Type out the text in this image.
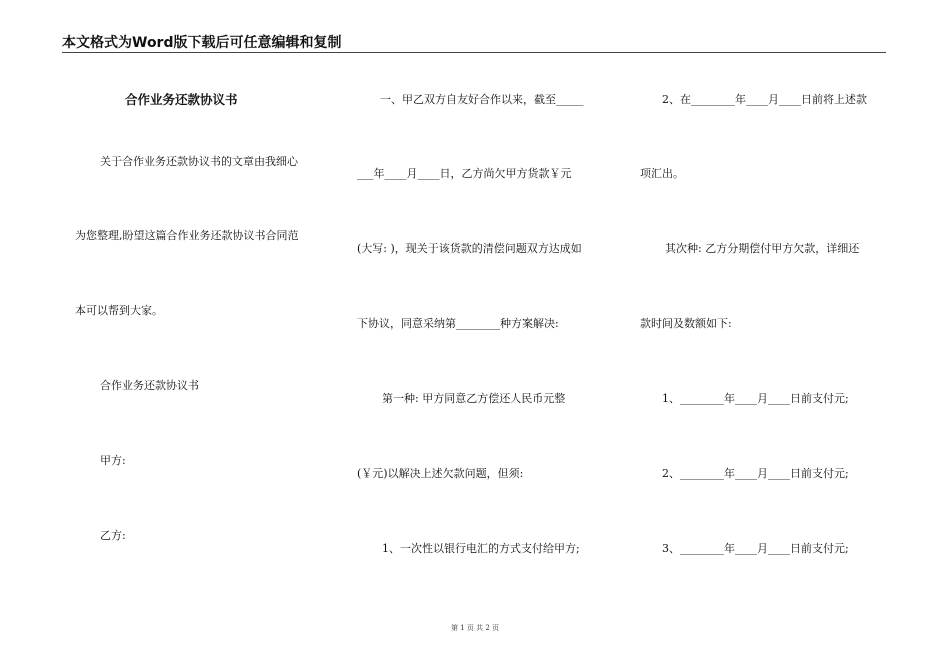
本文格式为Word版下载后可任意编辑和复制
合作业务还款协议书
关于合作业务还款协议书的文章由我细心
为您整理,盼望这篇合作业务还款协议书合同范
本可以帮到大家。
合作业务还款协议书
甲方:
乙方:
一、甲乙双方自友好合作以来，截至_____
___年____月____日，乙方尚欠甲方货款￥元
(大写: )，现关于该货款的清偿问题双方达成如
下协议，同意采纳第________种方案解决:
第一种: 甲方同意乙方偿还人民币元整
(￥元)以解决上述欠款问题，但须:
1、一次性以银行电汇的方式支付给甲方;
2、在________年____月____日前将上述款
项汇出。
其次种: 乙方分期偿付甲方欠款，详细还
款时间及数额如下:
1、________年____月____日前支付元;
2、________年____月____日前支付元;
3、________年____月____日前支付元;
第 1 页 共 2 页
